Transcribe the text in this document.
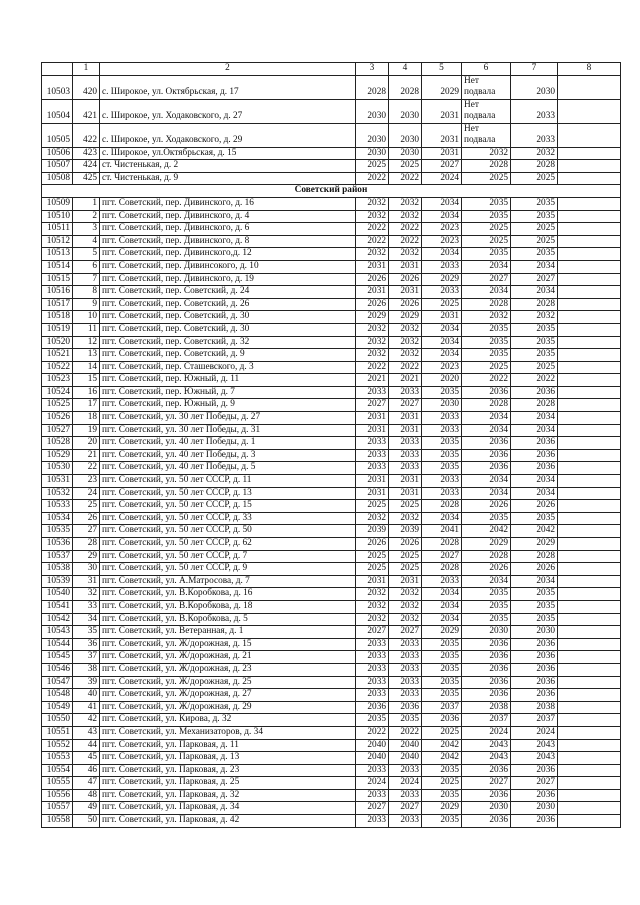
	1	2	3	4	5	6	7	8
10503	420	с. Широкое, ул. Октябрьская, д. 17	2028	2028	2029	Нет подвала	2030	
10504	421	с. Широкое, ул. Ходаковского, д. 27	2030	2030	2031	Нет подвала	2033	
10505	422	с. Широкое, ул. Ходаковского, д. 29	2030	2030	2031	Нет подвала	2033	
10506	423	с. Широкое, ул.Октябрьская, д. 15	2030	2030	2031	2032	2032	
10507	424	ст. Чистенькая, д. 2	2025	2025	2027	2028	2028	
10508	425	ст. Чистенькая, д. 9	2022	2022	2024	2025	2025	
Советский район								
10509	1	пгт. Советский, пер. Дивинского, д. 16	2032	2032	2034	2035	2035	
10510	2	пгт. Советский, пер. Дивинского, д. 4	2032	2032	2034	2035	2035	
10511	3	пгт. Советский, пер. Дивинского, д. 6	2022	2022	2023	2025	2025	
10512	4	пгт. Советский, пер. Дивинского, д. 8	2022	2022	2023	2025	2025	
10513	5	пгт. Советский, пер. Дивинского,д. 12	2032	2032	2034	2035	2035	
10514	6	пгт. Советский, пер. Дивинсокого, д. 10	2031	2031	2033	2034	2034	
10515	7	пгт. Советский, пер. Дивинского, д. 19	2026	2026	2029	2027	2027	
10516	8	пгт. Советский, пер. Советский, д. 24	2031	2031	2033	2034	2034	
10517	9	пгт. Советский, пер. Советский, д. 26	2026	2026	2025	2028	2028	
10518	10	пгт. Советский, пер. Советский, д. 30	2029	2029	2031	2032	2032	
10519	11	пгт. Советский, пер. Советский, д. 30	2032	2032	2034	2035	2035	
10520	12	пгт. Советский, пер. Советский, д. 32	2032	2032	2034	2035	2035	
10521	13	пгт. Советский, пер. Советский, д. 9	2032	2032	2034	2035	2035	
10522	14	пгт. Советский, пер. Сташевского, д. 3	2022	2022	2023	2025	2025	
10523	15	пгт. Советский, пер. Южный, д. 11	2021	2021	2020	2022	2022	
10524	16	пгт. Советский, пер. Южный, д. 7	2033	2033	2035	2036	2036	
10525	17	пгт. Советский, пер. Южный, д. 9	2027	2027	2030	2028	2028	
10526	18	пгт. Советский, ул. 30 лет Победы, д. 27	2031	2031	2033	2034	2034	
10527	19	пгт. Советский, ул. 30 лет Победы, д. 31	2031	2031	2033	2034	2034	
10528	20	пгт. Советский, ул. 40 лет Победы, д. 1	2033	2033	2035	2036	2036	
10529	21	пгт. Советский, ул. 40 лет Победы, д. 3	2033	2033	2035	2036	2036	
10530	22	пгт. Советский, ул. 40 лет Победы, д. 5	2033	2033	2035	2036	2036	
10531	23	пгт. Советский, ул. 50 лет СССР, д. 11	2031	2031	2033	2034	2034	
10532	24	пгт. Советский, ул. 50 лет СССР, д. 13	2031	2031	2033	2034	2034	
10533	25	пгт. Советский, ул. 50 лет СССР, д. 15	2025	2025	2028	2026	2026	
10534	26	пгт. Советский, ул. 50 лет СССР, д. 33	2032	2032	2034	2035	2035	
10535	27	пгт. Советский, ул. 50 лет СССР, д. 50	2039	2039	2041	2042	2042	
10536	28	пгт. Советский, ул. 50 лет СССР, д. 62	2026	2026	2028	2029	2029	
10537	29	пгт. Советский, ул. 50 лет СССР, д. 7	2025	2025	2027	2028	2028	
10538	30	пгт. Советский, ул. 50 лет СССР, д. 9	2025	2025	2028	2026	2026	
10539	31	пгт. Советский, ул. А.Матросова, д. 7	2031	2031	2033	2034	2034	
10540	32	пгт. Советский, ул. В.Коробкова, д. 16	2032	2032	2034	2035	2035	
10541	33	пгт. Советский, ул. В.Коробкова, д. 18	2032	2032	2034	2035	2035	
10542	34	пгт. Советский, ул. В.Коробкова, д. 5	2032	2032	2034	2035	2035	
10543	35	пгт. Советский, ул. Ветеранная, д. 1	2027	2027	2029	2030	2030	
10544	36	пгт. Советский, ул. Ж/дорожная, д. 15	2033	2033	2035	2036	2036	
10545	37	пгт. Советский, ул. Ж/дорожная, д. 21	2033	2033	2035	2036	2036	
10546	38	пгт. Советский, ул. Ж/дорожная, д. 23	2033	2033	2035	2036	2036	
10547	39	пгт. Советский, ул. Ж/дорожная, д. 25	2033	2033	2035	2036	2036	
10548	40	пгт. Советский, ул. Ж/дорожная, д. 27	2033	2033	2035	2036	2036	
10549	41	пгт. Советский, ул. Ж/дорожная, д. 29	2036	2036	2037	2038	2038	
10550	42	пгт. Советский, ул. Кирова, д. 32	2035	2035	2036	2037	2037	
10551	43	пгт. Советский, ул. Механизаторов, д. 34	2022	2022	2025	2024	2024	
10552	44	пгт. Советский, ул. Парковая, д. 11	2040	2040	2042	2043	2043	
10553	45	пгт. Советский, ул. Парковая, д. 13	2040	2040	2042	2043	2043	
10554	46	пгт. Советский, ул. Парковая, д. 23	2033	2033	2035	2036	2036	
10555	47	пгт. Советский, ул. Парковая, д. 25	2024	2024	2025	2027	2027	
10556	48	пгт. Советский, ул. Парковая, д. 32	2033	2033	2035	2036	2036	
10557	49	пгт. Советский, ул. Парковая, д. 34	2027	2027	2029	2030	2030	
10558	50	пгт. Советский, ул. Парковая, д. 42	2033	2033	2035	2036	2036	
